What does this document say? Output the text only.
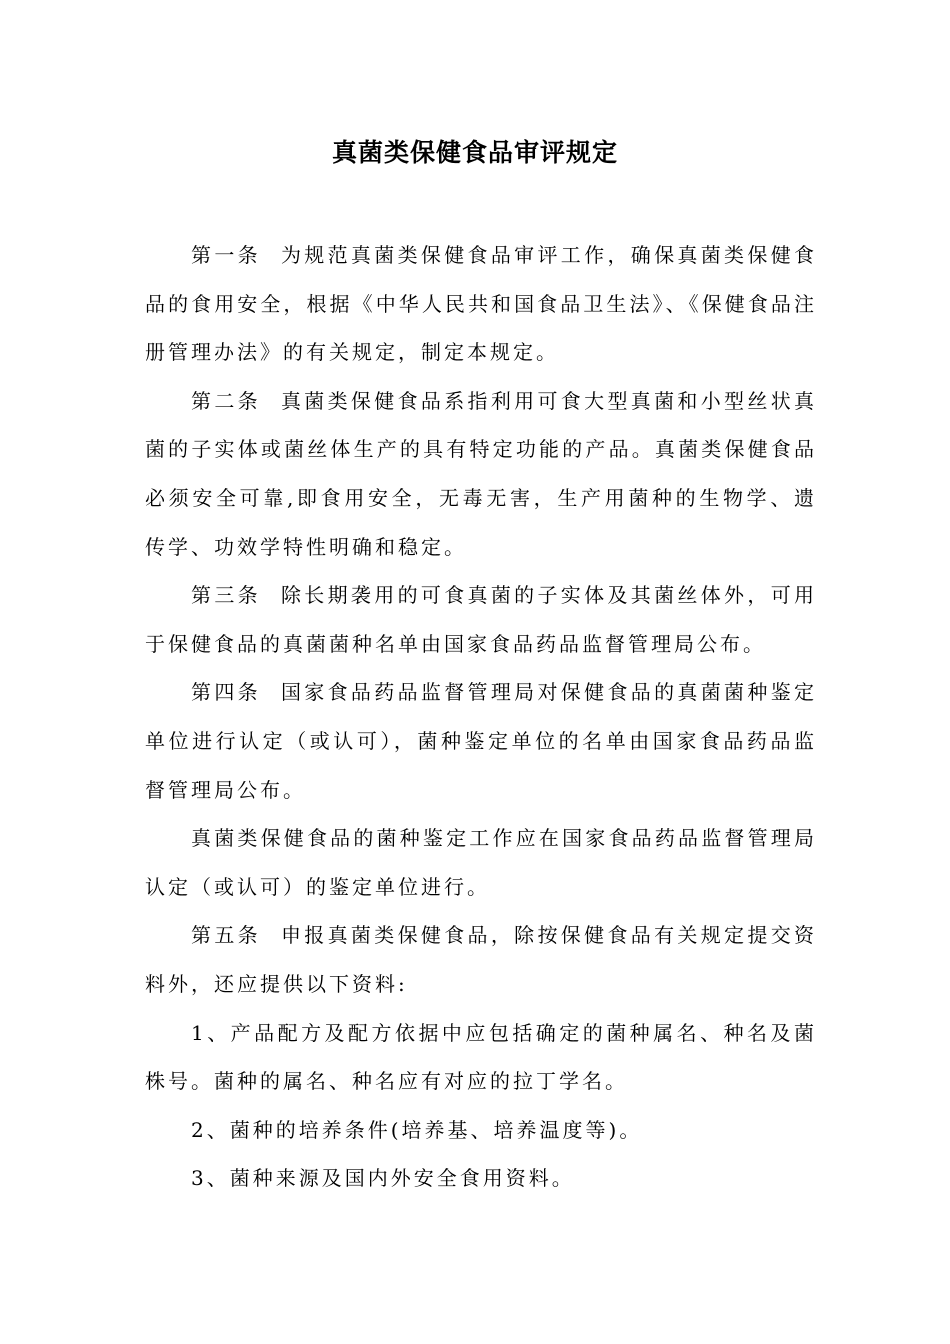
真菌类保健食品审评规定

第一条 为规范真菌类保健食品审评工作，确保真菌类保健食品的食用安全，根据《中华人民共和国食品卫生法》、《保健食品注册管理办法》的有关规定，制定本规定。

第二条 真菌类保健食品系指利用可食大型真菌和小型丝状真菌的子实体或菌丝体生产的具有特定功能的产品。真菌类保健食品必须安全可靠,即食用安全，无毒无害，生产用菌种的生物学、遗传学、功效学特性明确和稳定。

第三条 除长期袭用的可食真菌的子实体及其菌丝体外，可用于保健食品的真菌菌种名单由国家食品药品监督管理局公布。

第四条 国家食品药品监督管理局对保健食品的真菌菌种鉴定单位进行认定（或认可），菌种鉴定单位的名单由国家食品药品监督管理局公布。

真菌类保健食品的菌种鉴定工作应在国家食品药品监督管理局认定（或认可）的鉴定单位进行。

第五条 申报真菌类保健食品，除按保健食品有关规定提交资料外，还应提供以下资料:

1、产品配方及配方依据中应包括确定的菌种属名、种名及菌株号。菌种的属名、种名应有对应的拉丁学名。

2、菌种的培养条件(培养基、培养温度等)。

3、菌种来源及国内外安全食用资料。
